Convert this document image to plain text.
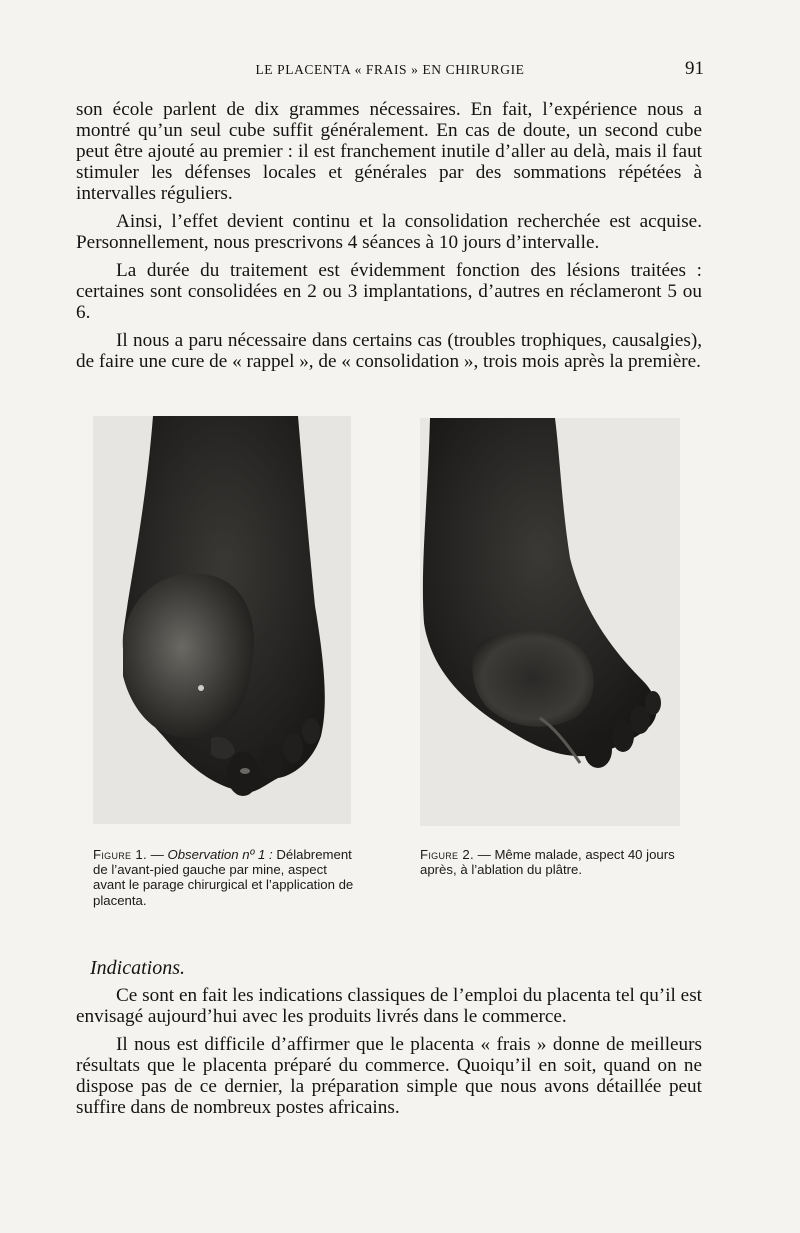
LE PLACENTA « FRAIS » EN CHIRURGIE	91

son école parlent de dix grammes nécessaires. En fait, l’expérience nous a montré qu’un seul cube suffit généralement. En cas de doute, un second cube peut être ajouté au premier : il est franchement inutile d’aller au delà, mais il faut stimuler les défenses locales et générales par des sommations répétées à intervalles réguliers.

Ainsi, l’effet devient continu et la consolidation recherchée est acquise. Personnellement, nous prescrivons 4 séances à 10 jours d’intervalle.

La durée du traitement est évidemment fonction des lésions traitées : certaines sont consolidées en 2 ou 3 implantations, d’autres en réclameront 5 ou 6.

Il nous a paru nécessaire dans certains cas (troubles trophiques, causalgies), de faire une cure de « rappel », de « consolidation », trois mois après la première.

Figure 1. — Observation nº 1 : Délabrement de l’avant-pied gauche par mine, aspect avant le parage chirurgical et l’application de placenta.
Figure 2. — Même malade, aspect 40 jours après, à l’ablation du plâtre.
Indications.

Ce sont en fait les indications classiques de l’emploi du placenta tel qu’il est envisagé aujourd’hui avec les produits livrés dans le commerce.

Il nous est difficile d’affirmer que le placenta « frais » donne de meilleurs résultats que le placenta préparé du commerce. Quoiqu’il en soit, quand on ne dispose pas de ce dernier, la préparation simple que nous avons détaillée peut suffire dans de nombreux postes africains.
